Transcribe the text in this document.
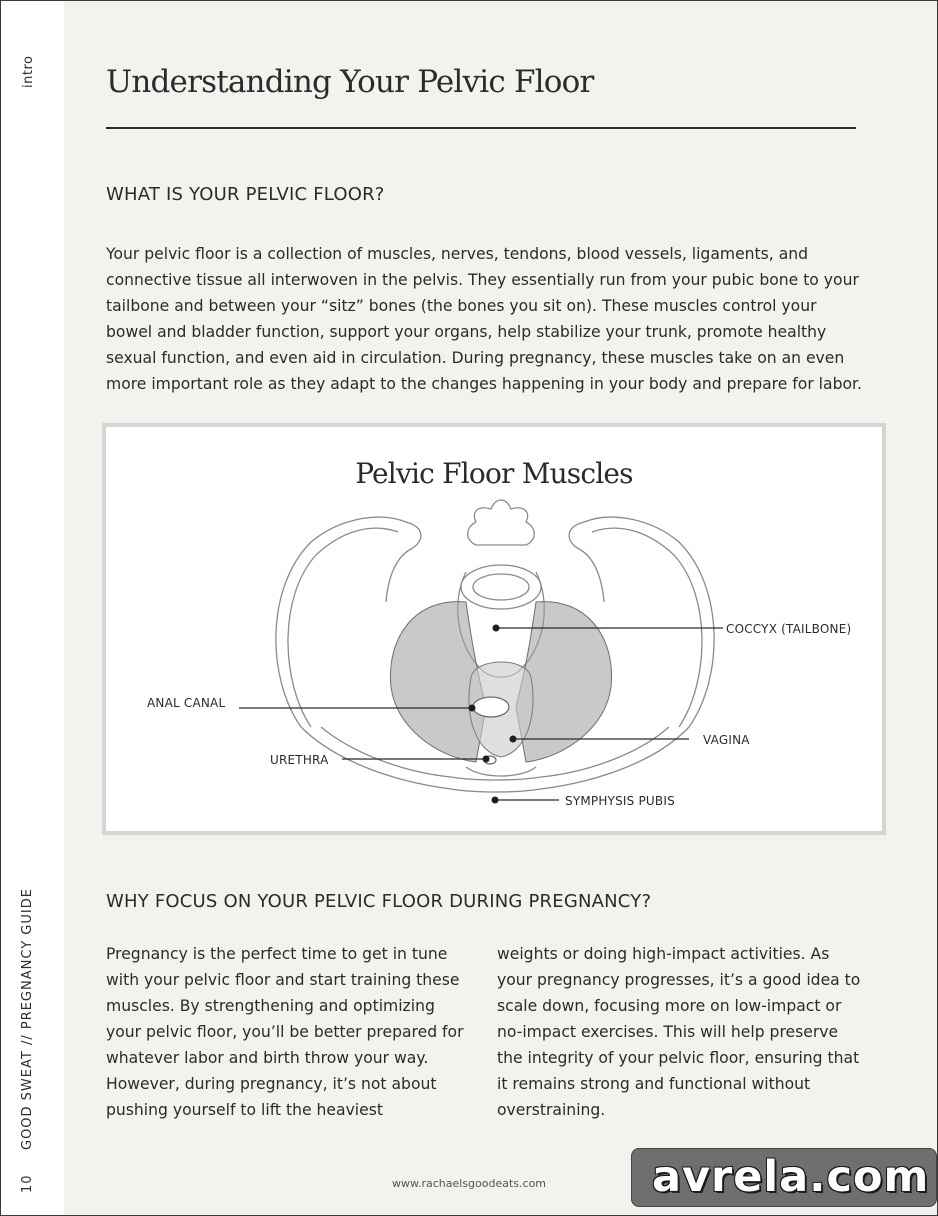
intro
GOOD SWEAT // PREGNANCY GUIDE
10
Understanding Your Pelvic Floor
WHAT IS YOUR PELVIC FLOOR?

Your pelvic floor is a collection of muscles, nerves, tendons, blood vessels, ligaments, and connective tissue all interwoven in the pelvis. They essentially run from your pubic bone to your tailbone and between your “sitz” bones (the bones you sit on). These muscles control your bowel and bladder function, support your organs, help stabilize your trunk, promote healthy sexual function, and even aid in circulation. During pregnancy, these muscles take on an even more important role as they adapt to the changes happening in your body and prepare for labor.

Pelvic Floor Muscles
COCCYX (TAILBONE)
ANAL CANAL
VAGINA
URETHRA
SYMPHYSIS PUBIS
WHY FOCUS ON YOUR PELVIC FLOOR DURING PREGNANCY?

Pregnancy is the perfect time to get in tune with your pelvic floor and start training these muscles. By strengthening and optimizing your pelvic floor, you’ll be better prepared for whatever labor and birth throw your way. However, during pregnancy, it’s not about pushing yourself to lift the heaviest

weights or doing high-impact activities. As your pregnancy progresses, it’s a good idea to scale down, focusing more on low-impact or no-impact exercises. This will help preserve the integrity of your pelvic floor, ensuring that it remains strong and functional without overstraining.

www.rachaelsgoodeats.com avrela.com
